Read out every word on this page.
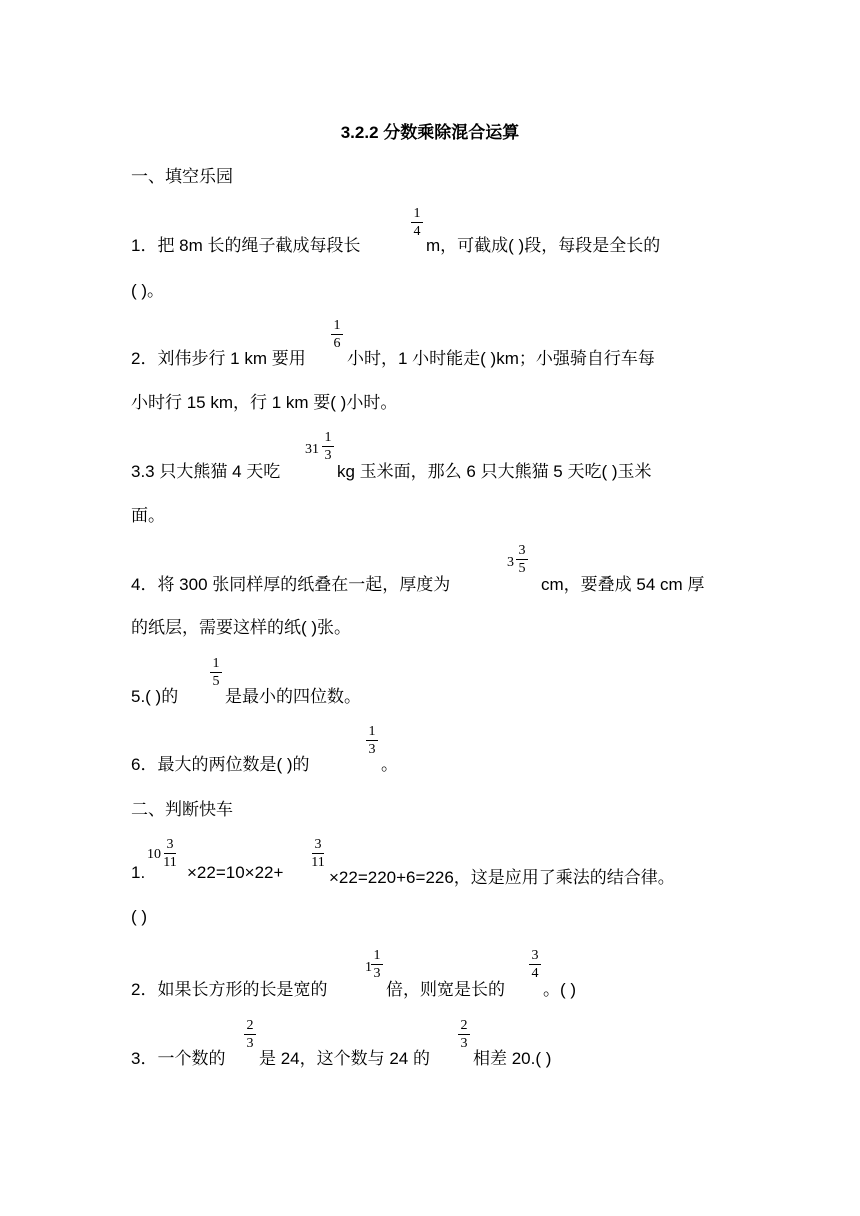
3.2.2 分数乘除混合运算
一、填空乐园
1．把 8m 长的绳子截成每段长
1
4
m，可截成( )段，每段是全长的
( )。
2．刘伟步行 1 km 要用
1
6
小时，1 小时能走( )km；小强骑自行车每
小时行 15 km，行 1 km 要( )小时。
3.3 只大熊猫 4 天吃
31
1
3
kg 玉米面，那么 6 只大熊猫 5 天吃( )玉米
面。
4．将 300 张同样厚的纸叠在一起，厚度为
3
3
5
cm，要叠成 54 cm 厚
的纸层，需要这样的纸( )张。
5.( )的
1
5
是最小的四位数。
6．最大的两位数是( )的
1
3
。
二、判断快车
1.
10
3
11
×22=10×22+
3
11
×22=220+6=226，这是应用了乘法的结合律。
( )
2．如果长方形的长是宽的
1
1
3
倍，则宽是长的
3
4
。( )
3．一个数的
2
3
是 24，这个数与 24 的
2
3
相差 20.( )
